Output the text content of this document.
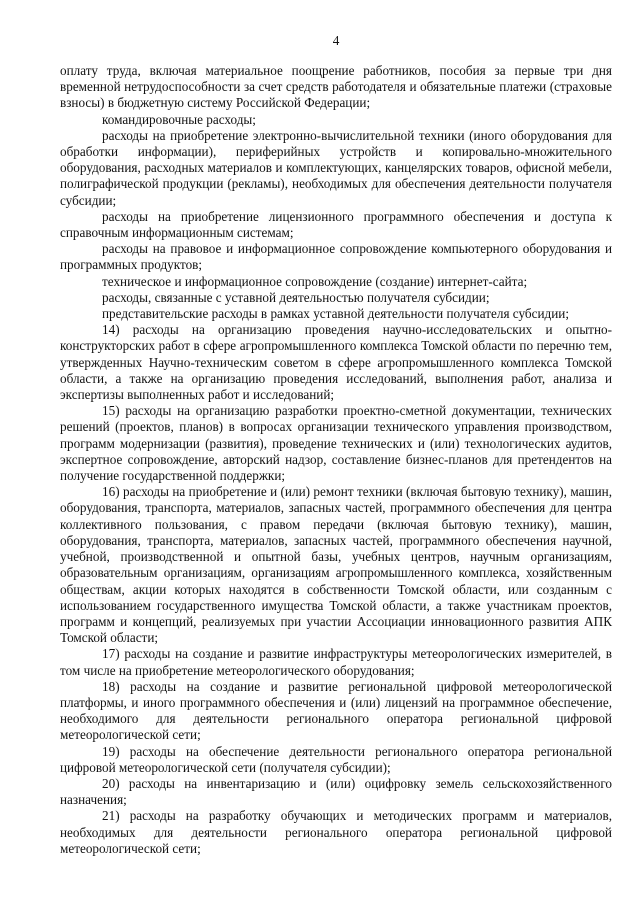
4

оплату труда, включая материальное поощрение работников, пособия за первые три дня временной нетрудоспособности за счет средств работодателя и обязательные платежи (страховые взносы) в бюджетную систему Российской Федерации;

командировочные расходы;

расходы на приобретение электронно-вычислительной техники (иного оборудования для обработки информации), периферийных устройств и копировально-множительного оборудования, расходных материалов и комплектующих, канцелярских товаров, офисной мебели, полиграфической продукции (рекламы), необходимых для обеспечения деятельности получателя субсидии;

расходы на приобретение лицензионного программного обеспечения и доступа к справочным информационным системам;

расходы на правовое и информационное сопровождение компьютерного оборудования и программных продуктов;

техническое и информационное сопровождение (создание) интернет-сайта;

расходы, связанные с уставной деятельностью получателя субсидии;

представительские расходы в рамках уставной деятельности получателя субсидии;

14) расходы на организацию проведения научно-исследовательских и опытно-конструкторских работ в сфере агропромышленного комплекса Томской области по перечню тем, утвержденных Научно-техническим советом в сфере агропромышленного комплекса Томской области, а также на организацию проведения исследований, выполнения работ, анализа и экспертизы выполненных работ и исследований;

15) расходы на организацию разработки проектно-сметной документации, технических решений (проектов, планов) в вопросах организации технического управления производством, программ модернизации (развития), проведение технических и (или) технологических аудитов, экспертное сопровождение, авторский надзор, составление бизнес-планов для претендентов на получение государственной поддержки;

16) расходы на приобретение и (или) ремонт техники (включая бытовую технику), машин, оборудования, транспорта, материалов, запасных частей, программного обеспечения для центра коллективного пользования, с правом передачи (включая бытовую технику), машин, оборудования, транспорта, материалов, запасных частей, программного обеспечения научной, учебной, производственной и опытной базы, учебных центров, научным организациям, образовательным организациям, организациям агропромышленного комплекса, хозяйственным обществам, акции которых находятся в собственности Томской области, или созданным с использованием государственного имущества Томской области, а также участникам проектов, программ и концепций, реализуемых при участии Ассоциации инновационного развития АПК Томской области;

17) расходы на создание и развитие инфраструктуры метеорологических измерителей, в том числе на приобретение метеорологического оборудования;

18) расходы на создание и развитие региональной цифровой метеорологической платформы, и иного программного обеспечения и (или) лицензий на программное обеспечение, необходимого для деятельности регионального оператора региональной цифровой метеорологической сети;

19) расходы на обеспечение деятельности регионального оператора региональной цифровой метеорологической сети (получателя субсидии);

20) расходы на инвентаризацию и (или) оцифровку земель сельскохозяйственного назначения;

21) расходы на разработку обучающих и методических программ и материалов, необходимых для деятельности регионального оператора региональной цифровой метеорологической сети;
